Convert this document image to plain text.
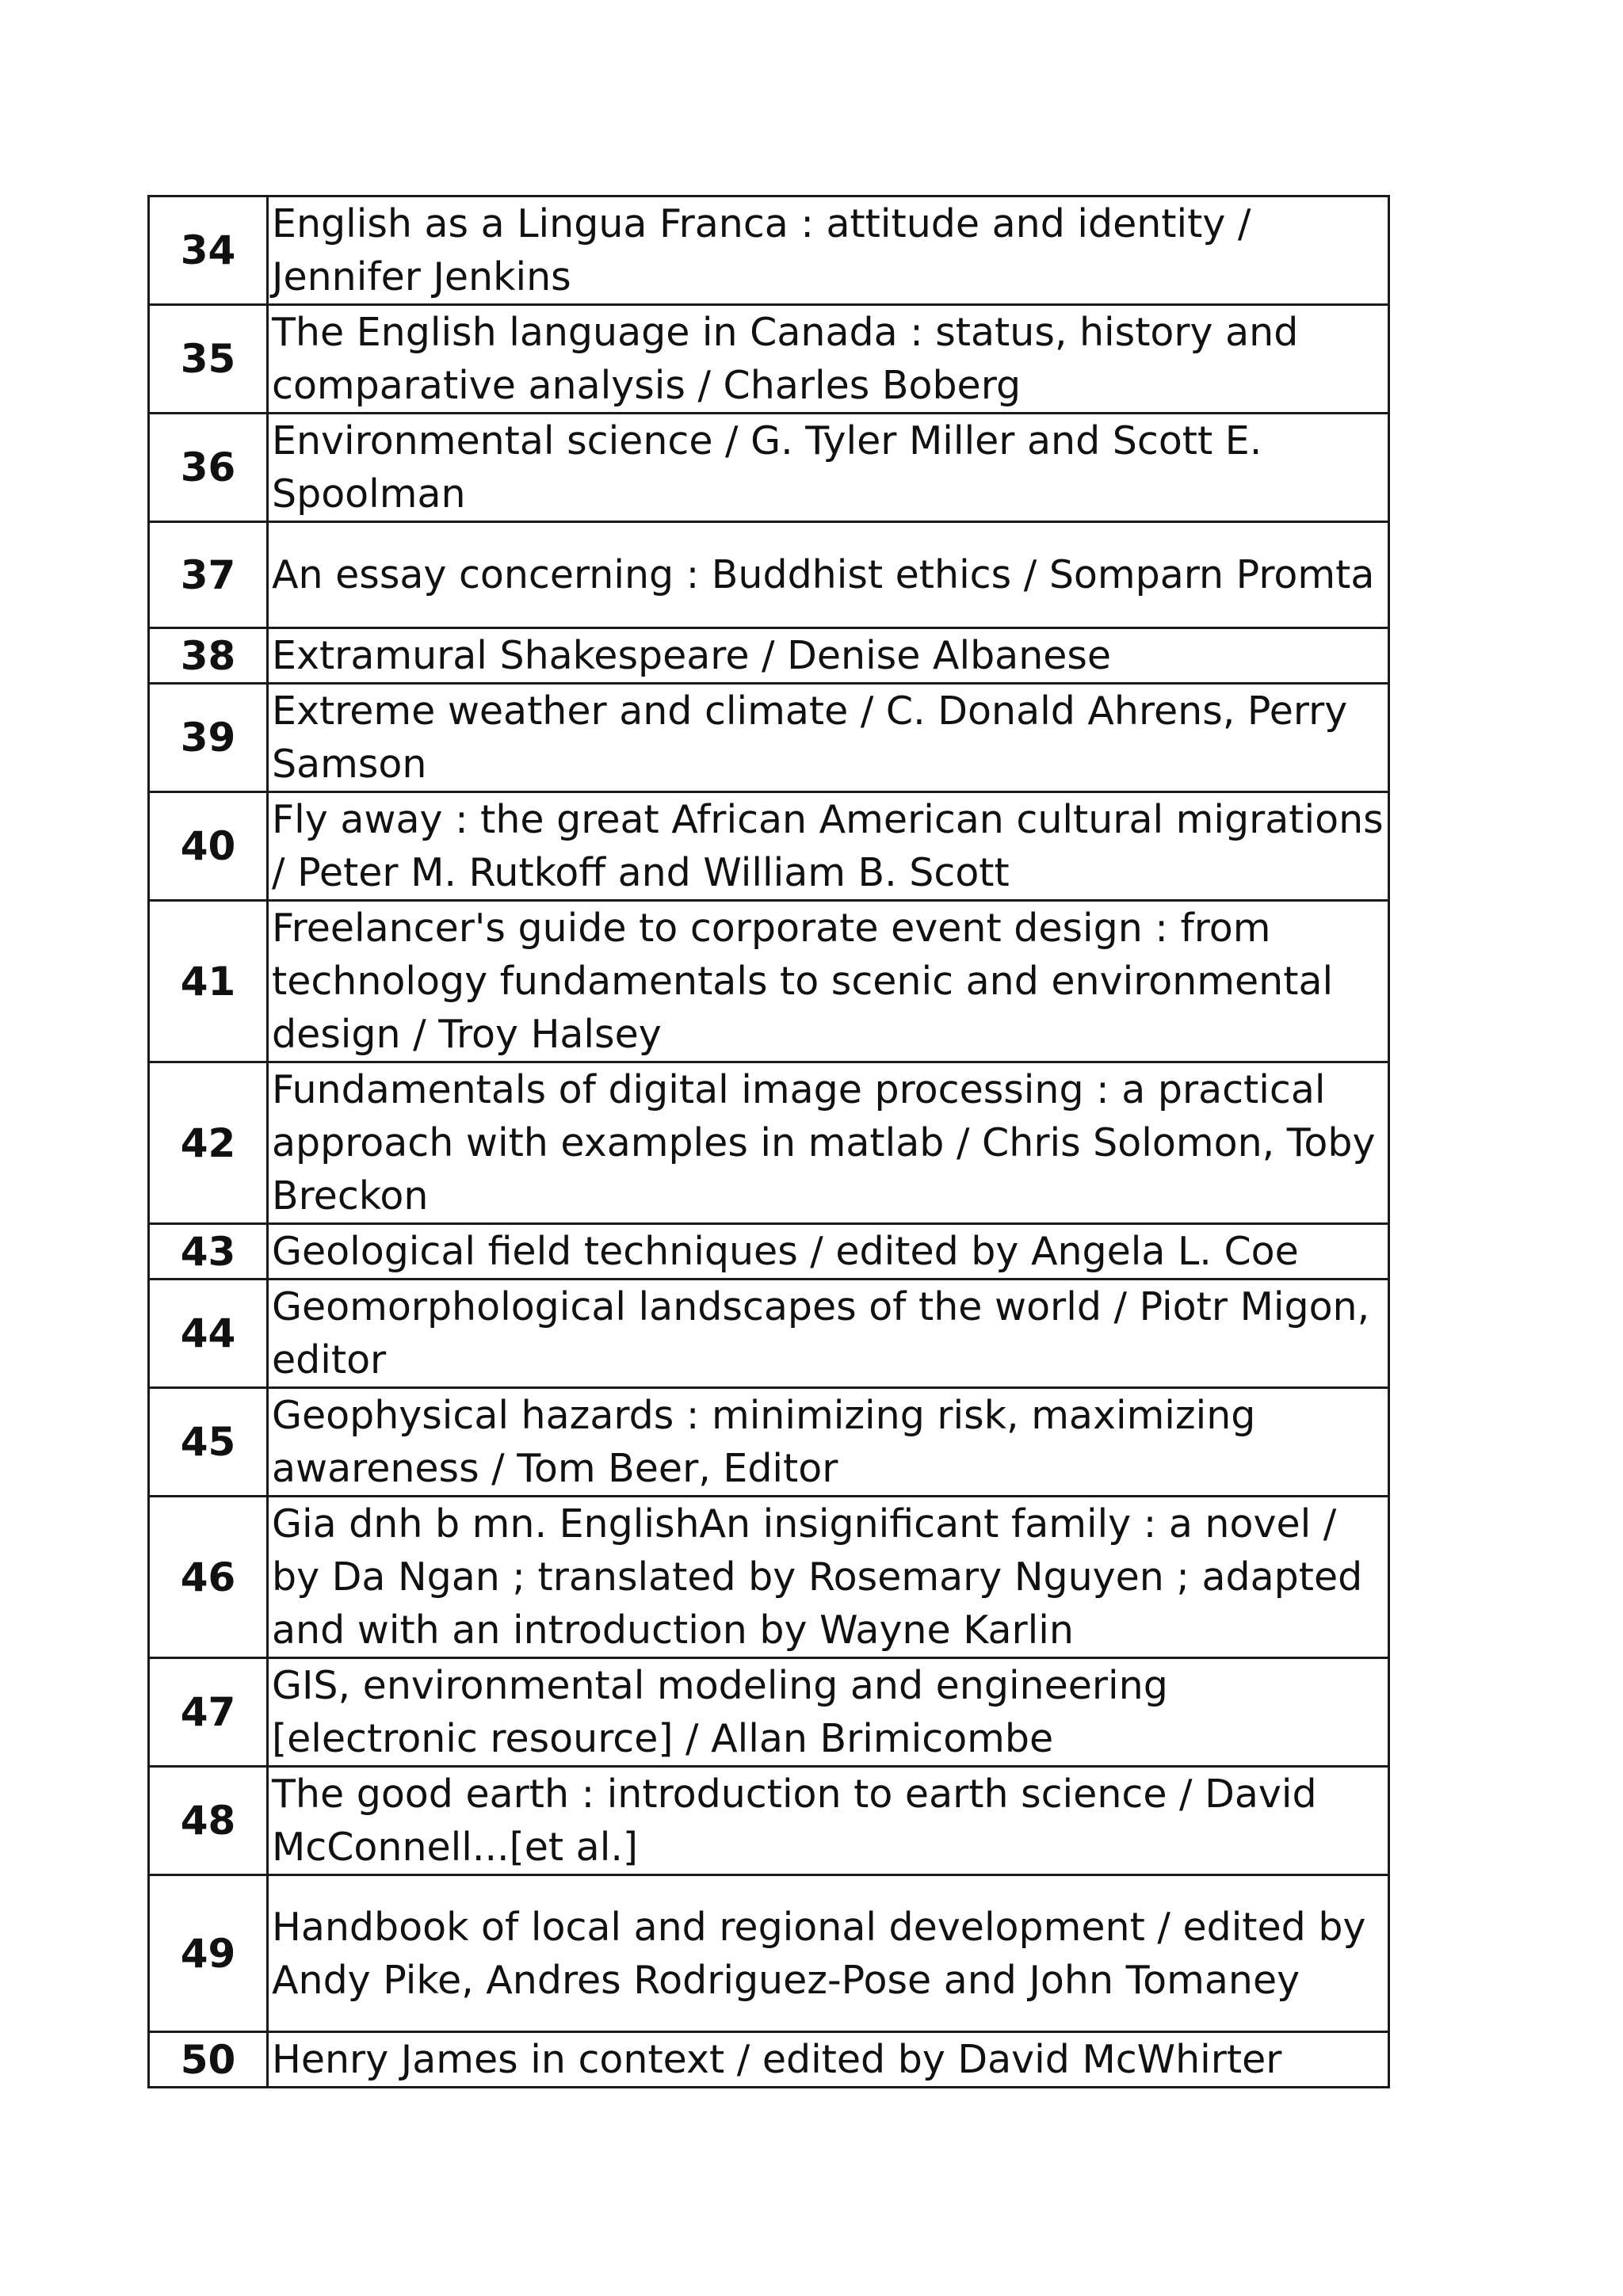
34	English as a Lingua Franca : attitude and identity / Jennifer Jenkins
35	The English language in Canada : status, history and comparative analysis / Charles Boberg
36	Environmental science / G. Tyler Miller and Scott E. Spoolman
37	An essay concerning : Buddhist ethics / Somparn Promta
38	Extramural Shakespeare / Denise Albanese
39	Extreme weather and climate / C. Donald Ahrens, Perry Samson
40	Fly away : the great African American cultural migrations / Peter M. Rutkoff and William B. Scott
41	Freelancer's guide to corporate event design : from technology fundamentals to scenic and environmental design / Troy Halsey
42	Fundamentals of digital image processing : a practical approach with examples in matlab / Chris Solomon, Toby Breckon
43	Geological field techniques / edited by Angela L. Coe
44	Geomorphological landscapes of the world / Piotr Migon, editor
45	Geophysical hazards : minimizing risk, maximizing awareness / Tom Beer, Editor
46	Gia dnh b mn. EnglishAn insignificant family : a novel / by Da Ngan ; translated by Rosemary Nguyen ; adapted and with an introduction by Wayne Karlin
47	GIS, environmental modeling and engineering [electronic resource] / Allan Brimicombe
48	The good earth : introduction to earth science / David McConnell...[et al.]
49	Handbook of local and regional development / edited by Andy Pike, Andres Rodriguez-Pose and John Tomaney
50	Henry James in context / edited by David McWhirter
